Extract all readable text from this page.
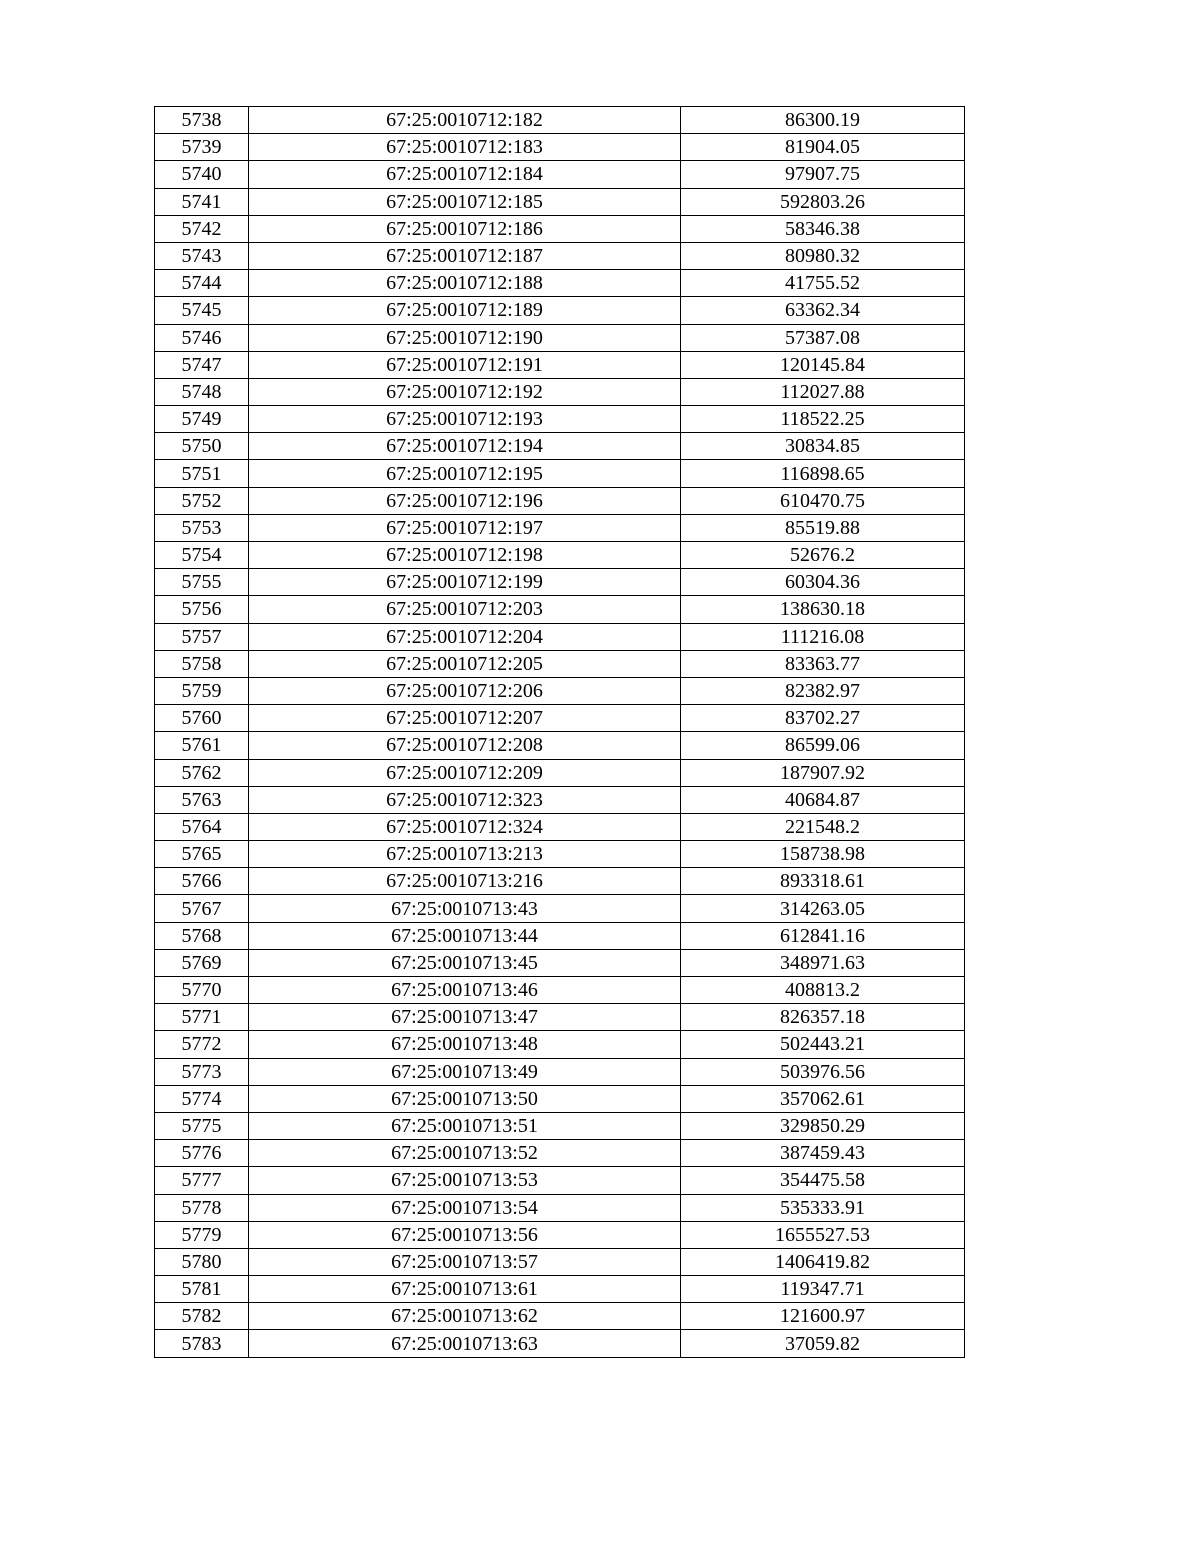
5738	67:25:0010712:182	86300.19
5739	67:25:0010712:183	81904.05
5740	67:25:0010712:184	97907.75
5741	67:25:0010712:185	592803.26
5742	67:25:0010712:186	58346.38
5743	67:25:0010712:187	80980.32
5744	67:25:0010712:188	41755.52
5745	67:25:0010712:189	63362.34
5746	67:25:0010712:190	57387.08
5747	67:25:0010712:191	120145.84
5748	67:25:0010712:192	112027.88
5749	67:25:0010712:193	118522.25
5750	67:25:0010712:194	30834.85
5751	67:25:0010712:195	116898.65
5752	67:25:0010712:196	610470.75
5753	67:25:0010712:197	85519.88
5754	67:25:0010712:198	52676.2
5755	67:25:0010712:199	60304.36
5756	67:25:0010712:203	138630.18
5757	67:25:0010712:204	111216.08
5758	67:25:0010712:205	83363.77
5759	67:25:0010712:206	82382.97
5760	67:25:0010712:207	83702.27
5761	67:25:0010712:208	86599.06
5762	67:25:0010712:209	187907.92
5763	67:25:0010712:323	40684.87
5764	67:25:0010712:324	221548.2
5765	67:25:0010713:213	158738.98
5766	67:25:0010713:216	893318.61
5767	67:25:0010713:43	314263.05
5768	67:25:0010713:44	612841.16
5769	67:25:0010713:45	348971.63
5770	67:25:0010713:46	408813.2
5771	67:25:0010713:47	826357.18
5772	67:25:0010713:48	502443.21
5773	67:25:0010713:49	503976.56
5774	67:25:0010713:50	357062.61
5775	67:25:0010713:51	329850.29
5776	67:25:0010713:52	387459.43
5777	67:25:0010713:53	354475.58
5778	67:25:0010713:54	535333.91
5779	67:25:0010713:56	1655527.53
5780	67:25:0010713:57	1406419.82
5781	67:25:0010713:61	119347.71
5782	67:25:0010713:62	121600.97
5783	67:25:0010713:63	37059.82
